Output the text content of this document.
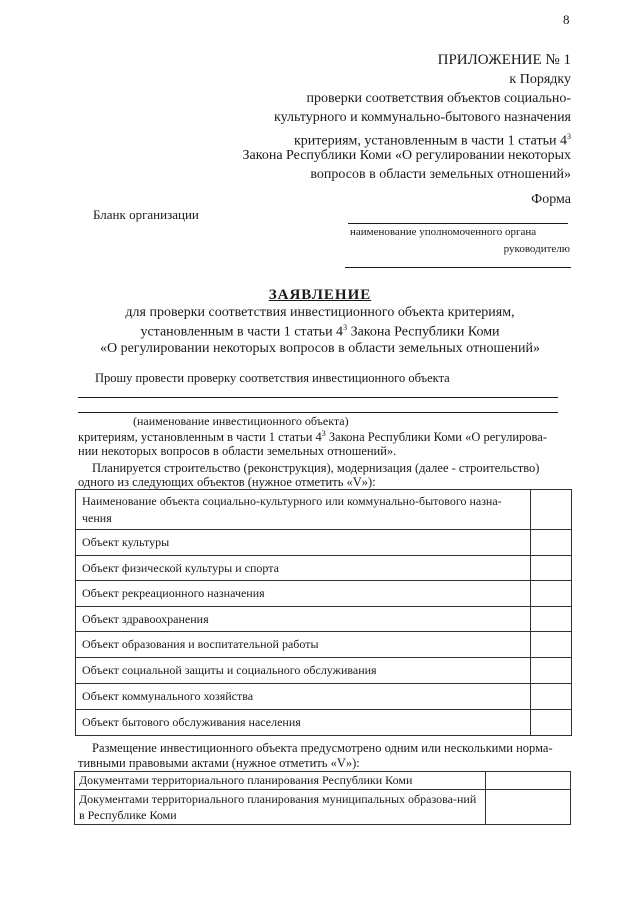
8
ПРИЛОЖЕНИЕ № 1
к Порядку
проверки соответствия объектов социально-
культурного и коммунально-бытового назначения
критериям, установленным в части 1 статьи $4^3$
Закона Республики Коми «О регулировании некоторых
вопросов в области земельных отношений»
Форма
Бланк организации
наименование уполномоченного органа
руководителю
ЗАЯВЛЕНИЕ
для проверки соответствия инвестиционного объекта критериям,
установленным в части 1 статьи $4^3$ Закона Республики Коми
«О регулировании некоторых вопросов в области земельных отношений»
Прошу провести проверку соответствия инвестиционного объекта
(наименование инвестиционного объекта)
критериям, установленным в части 1 статьи $4^3$ Закона Республики Коми «О регулирова-
нии некоторых вопросов в области земельных отношений».
Планируется строительство (реконструкция), модернизация (далее - строительство)
одного из следующих объектов (нужное отметить «V»):
Наименование объекта социально-культурного или коммунально-бытового назна-чения	
Объект культуры	
Объект физической культуры и спорта	
Объект рекреационного назначения	
Объект здравоохранения	
Объект образования и воспитательной работы	
Объект социальной защиты и социального обслуживания	
Объект коммунального хозяйства	
Объект бытового обслуживания населения	
Размещение инвестиционного объекта предусмотрено одним или несколькими норма-
тивными правовыми актами (нужное отметить «V»):
Документами территориального планирования Республики Коми	
Документами территориального планирования муниципальных образова-ний в Республике Коми	
